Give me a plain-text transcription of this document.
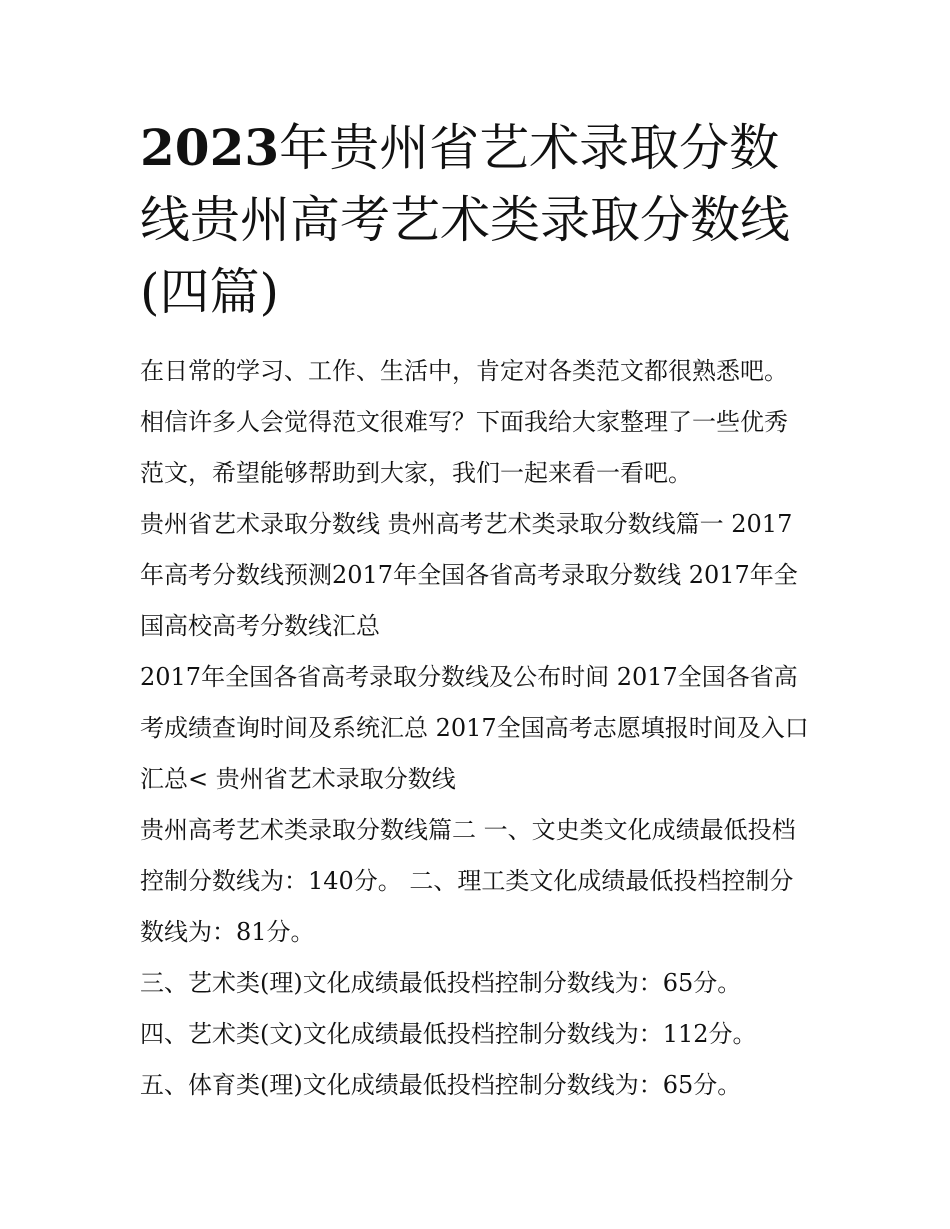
2023年贵州省艺术录取分数线贵州高考艺术类录取分数线(四篇)

在日常的学习、工作、生活中，肯定对各类范文都很熟悉吧。相信许多人会觉得范文很难写？下面我给大家整理了一些优秀范文，希望能够帮助到大家，我们一起来看一看吧。

贵州省艺术录取分数线 贵州高考艺术类录取分数线篇一 2017年高考分数线预测2017年全国各省高考录取分数线 2017年全国高校高考分数线汇总

2017年全国各省高考录取分数线及公布时间 2017全国各省高考成绩查询时间及系统汇总 2017全国高考志愿填报时间及入口汇总< 贵州省艺术录取分数线

贵州高考艺术类录取分数线篇二 一、文史类文化成绩最低投档控制分数线为：140分。 二、理工类文化成绩最低投档控制分数线为：81分。

三、艺术类(理)文化成绩最低投档控制分数线为：65分。

四、艺术类(文)文化成绩最低投档控制分数线为：112分。

五、体育类(理)文化成绩最低投档控制分数线为：65分。
